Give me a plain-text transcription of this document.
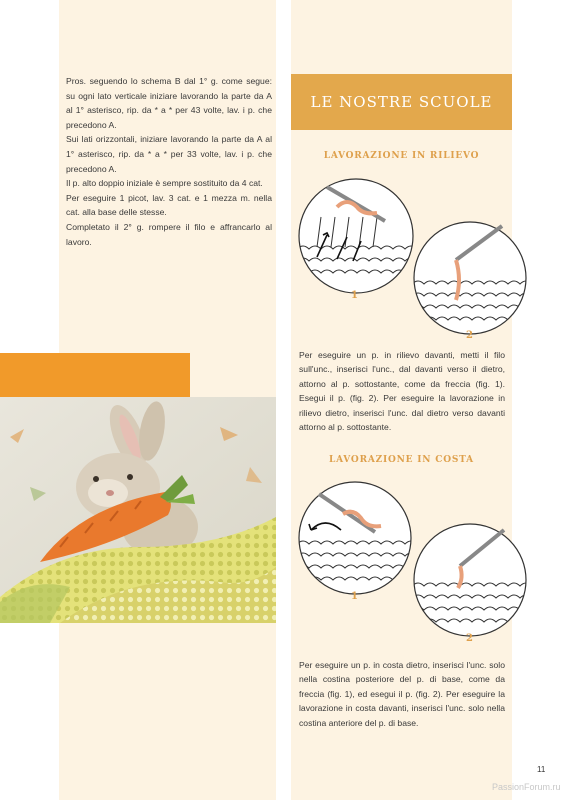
Pros. seguendo lo schema B dal 1° g. come segue: su ogni lato verticale iniziare lavorando la parte da A al 1° asterisco, rip. da * a * per 43 volte, lav. i p. che precedono A.

Sui lati orizzontali, iniziare lavorando la parte da A al 1° asterisco, rip. da * a * per 33 volte, lav. i p. che precedono A.

Il p. alto doppio iniziale è sempre sostituito da 4 cat.

Per eseguire 1 picot, lav. 3 cat. e 1 mezza m. nella cat. alla base delle stesse.

Completato il 2° g. rompere il filo e affrancarlo al lavoro.

LE NOSTRE SCUOLE
LAVORAZIONE IN RILIEVO
1
2

Per eseguire un p. in rilievo davanti, metti il filo sull'unc., inserisci l'unc., dal davanti verso il dietro, attorno al p. sottostante, come da freccia (fig. 1). Esegui il p. (fig. 2). Per eseguire la lavorazione in rilievo dietro, inserisci l'unc. dal dietro verso davanti attorno al p. sottostante.

LAVORAZIONE IN COSTA
1
2

Per eseguire un p. in costa dietro, inserisci l'unc. solo nella costina posteriore del p. di base, come da freccia (fig. 1), ed esegui il p. (fig. 2). Per eseguire la lavorazione in costa davanti, inserisci l'unc. solo nella costina anteriore del p. di base.

11
PassionForum.ru
